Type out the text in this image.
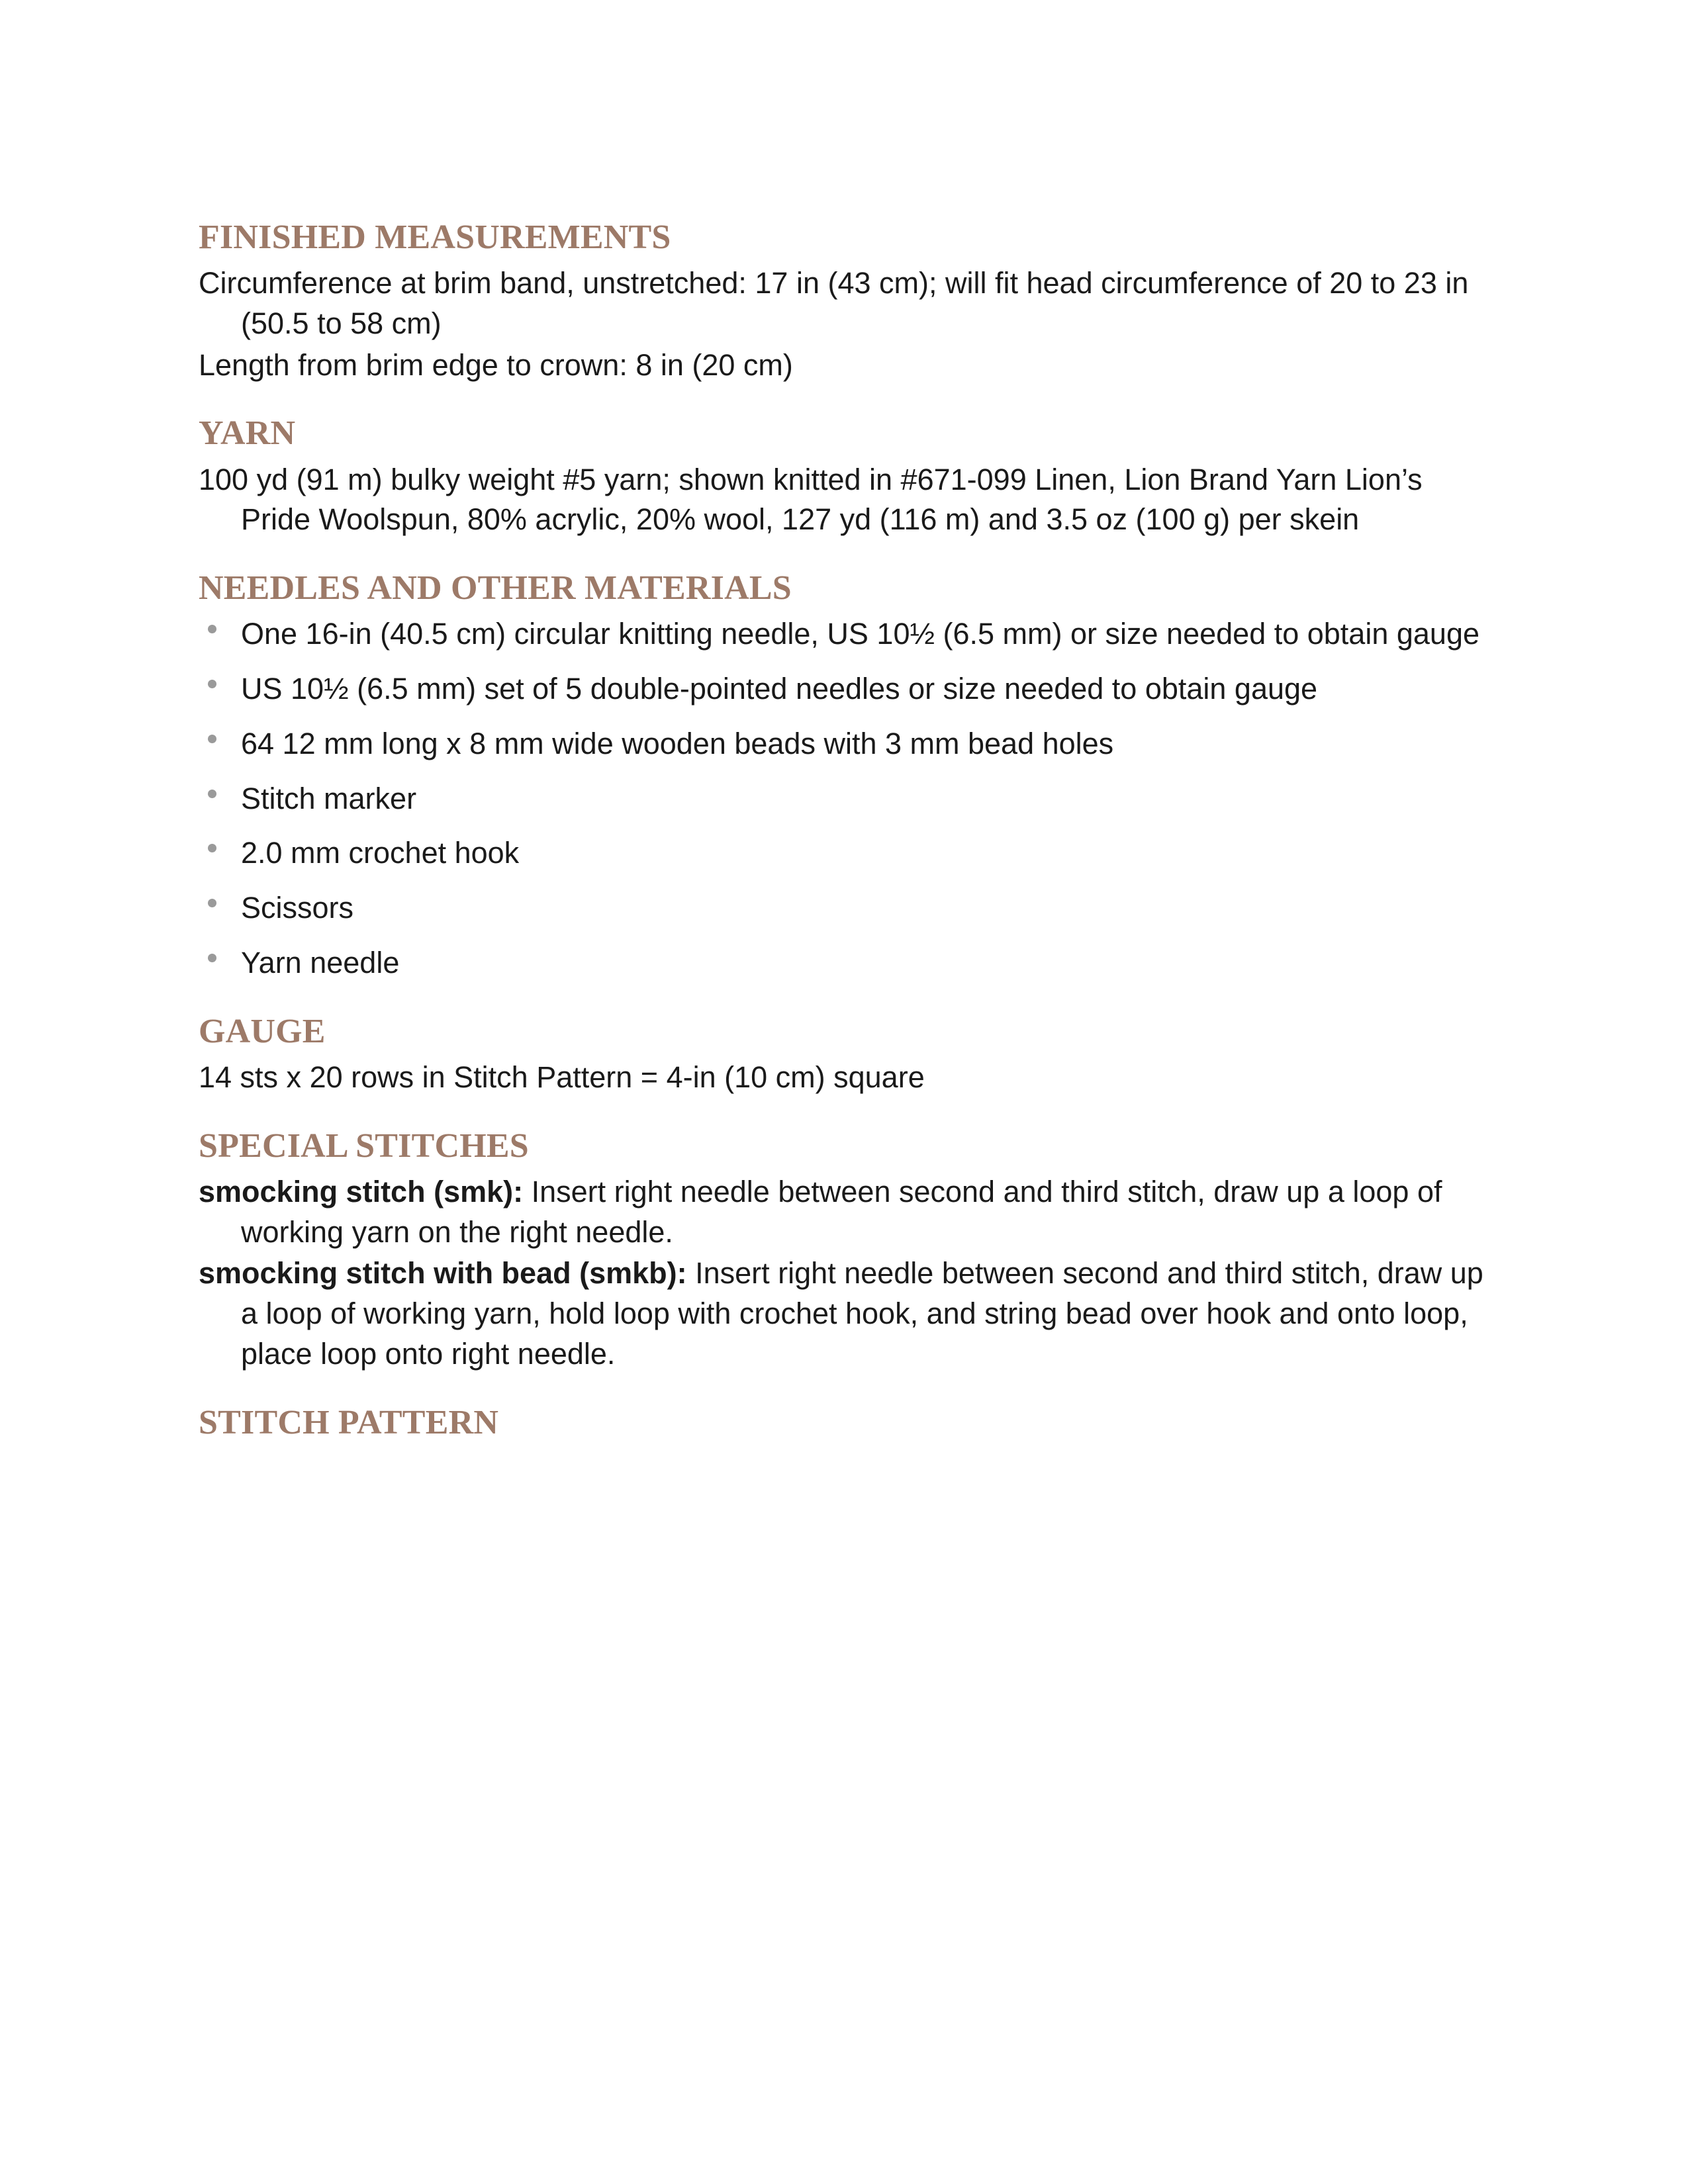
FINISHED MEASUREMENTS

Circumference at brim band, unstretched: 17 in (43 cm); will fit head circumference of 20 to 23 in (50.5 to 58 cm)

Length from brim edge to crown: 8 in (20 cm)

YARN

100 yd (91 m) bulky weight #5 yarn; shown knitted in #671-099 Linen, Lion Brand Yarn Lion’s Pride Woolspun, 80% acrylic, 20% wool, 127 yd (116 m) and 3.5 oz (100 g) per skein

NEEDLES AND OTHER MATERIALS
One 16-in (40.5 cm) circular knitting needle, US 10½ (6.5 mm) or size needed to obtain gauge
US 10½ (6.5 mm) set of 5 double-pointed needles or size needed to obtain gauge
64 12 mm long x 8 mm wide wooden beads with 3 mm bead holes
Stitch marker
2.0 mm crochet hook
Scissors
Yarn needle
GAUGE

14 sts x 20 rows in Stitch Pattern = 4-in (10 cm) square

SPECIAL STITCHES

smocking stitch (smk): Insert right needle between second and third stitch, draw up a loop of working yarn on the right needle.

smocking stitch with bead (smkb): Insert right needle between second and third stitch, draw up a loop of working yarn, hold loop with crochet hook, and string bead over hook and onto loop, place loop onto right needle.

STITCH PATTERN
